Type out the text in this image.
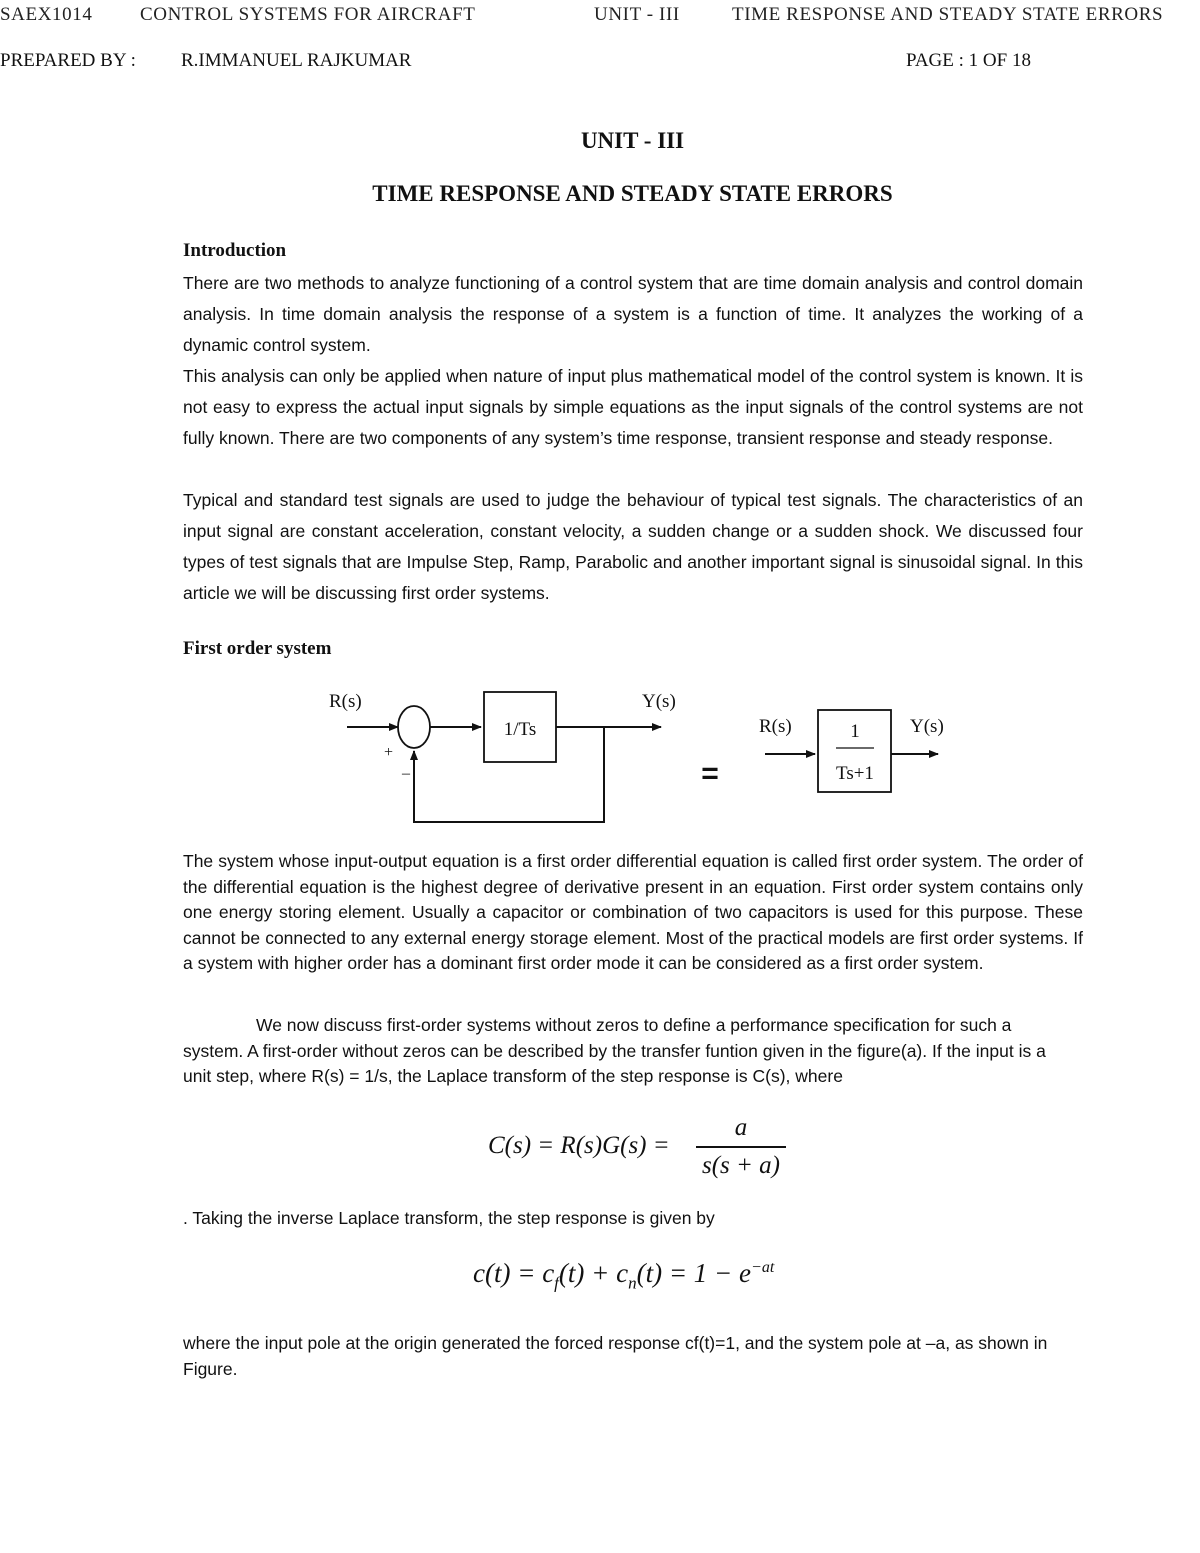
SAEX1014	CONTROL SYSTEMS FOR AIRCRAFT	UNIT - III	TIME RESPONSE AND STEADY STATE ERRORS
PREPARED BY : R.IMMANUEL RAJKUMAR	PAGE : 1 OF 18
UNIT - III
TIME RESPONSE AND STEADY STATE ERRORS
Introduction

There are two methods to analyze functioning of a control system that are time domain analysis and control domain analysis. In time domain analysis the response of a system is a function of time. It analyzes the working of a dynamic control system.

This analysis can only be applied when nature of input plus mathematical model of the control system is known. It is not easy to express the actual input signals by simple equations as the input signals of the control systems are not fully known. There are two components of any system’s time response, transient response and steady response.

Typical and standard test signals are used to judge the behaviour of typical test signals. The characteristics of an input signal are constant acceleration, constant velocity, a sudden change or a sudden shock. We discussed four types of test signals that are Impulse Step, Ramp, Parabolic and another important signal is sinusoidal signal. In this article we will be discussing first order systems.

First order system
R(s)
+
–
1/Ts
Y(s)
=
R(s)	1
Ts+1
Y(s)

The system whose input-output equation is a first order differential equation is called first order system. The order of the differential equation is the highest degree of derivative present in an equation. First order system contains only one energy storing element. Usually a capacitor or combination of two capacitors is used for this purpose. These cannot be connected to any external energy storage element. Most of the practical models are first order systems. If a system with higher order has a dominant first order mode it can be considered as a first order system.

We now discuss first-order systems without zeros to define a performance specification for such a system. A first-order without zeros can be described by the transfer funtion given in the figure(a). If the input is a unit step, where R(s) = 1/s, the Laplace transform of the step response is C(s), where

C(s) = R(s)G(s) =
a
s(s + a)

. Taking the inverse Laplace transform, the step response is given by

$c(t) = c_f(t) + c_n(t) = 1 - e^{-at}$

where the input pole at the origin generated the forced response cf(t)=1, and the system pole at –a, as shown in Figure.
